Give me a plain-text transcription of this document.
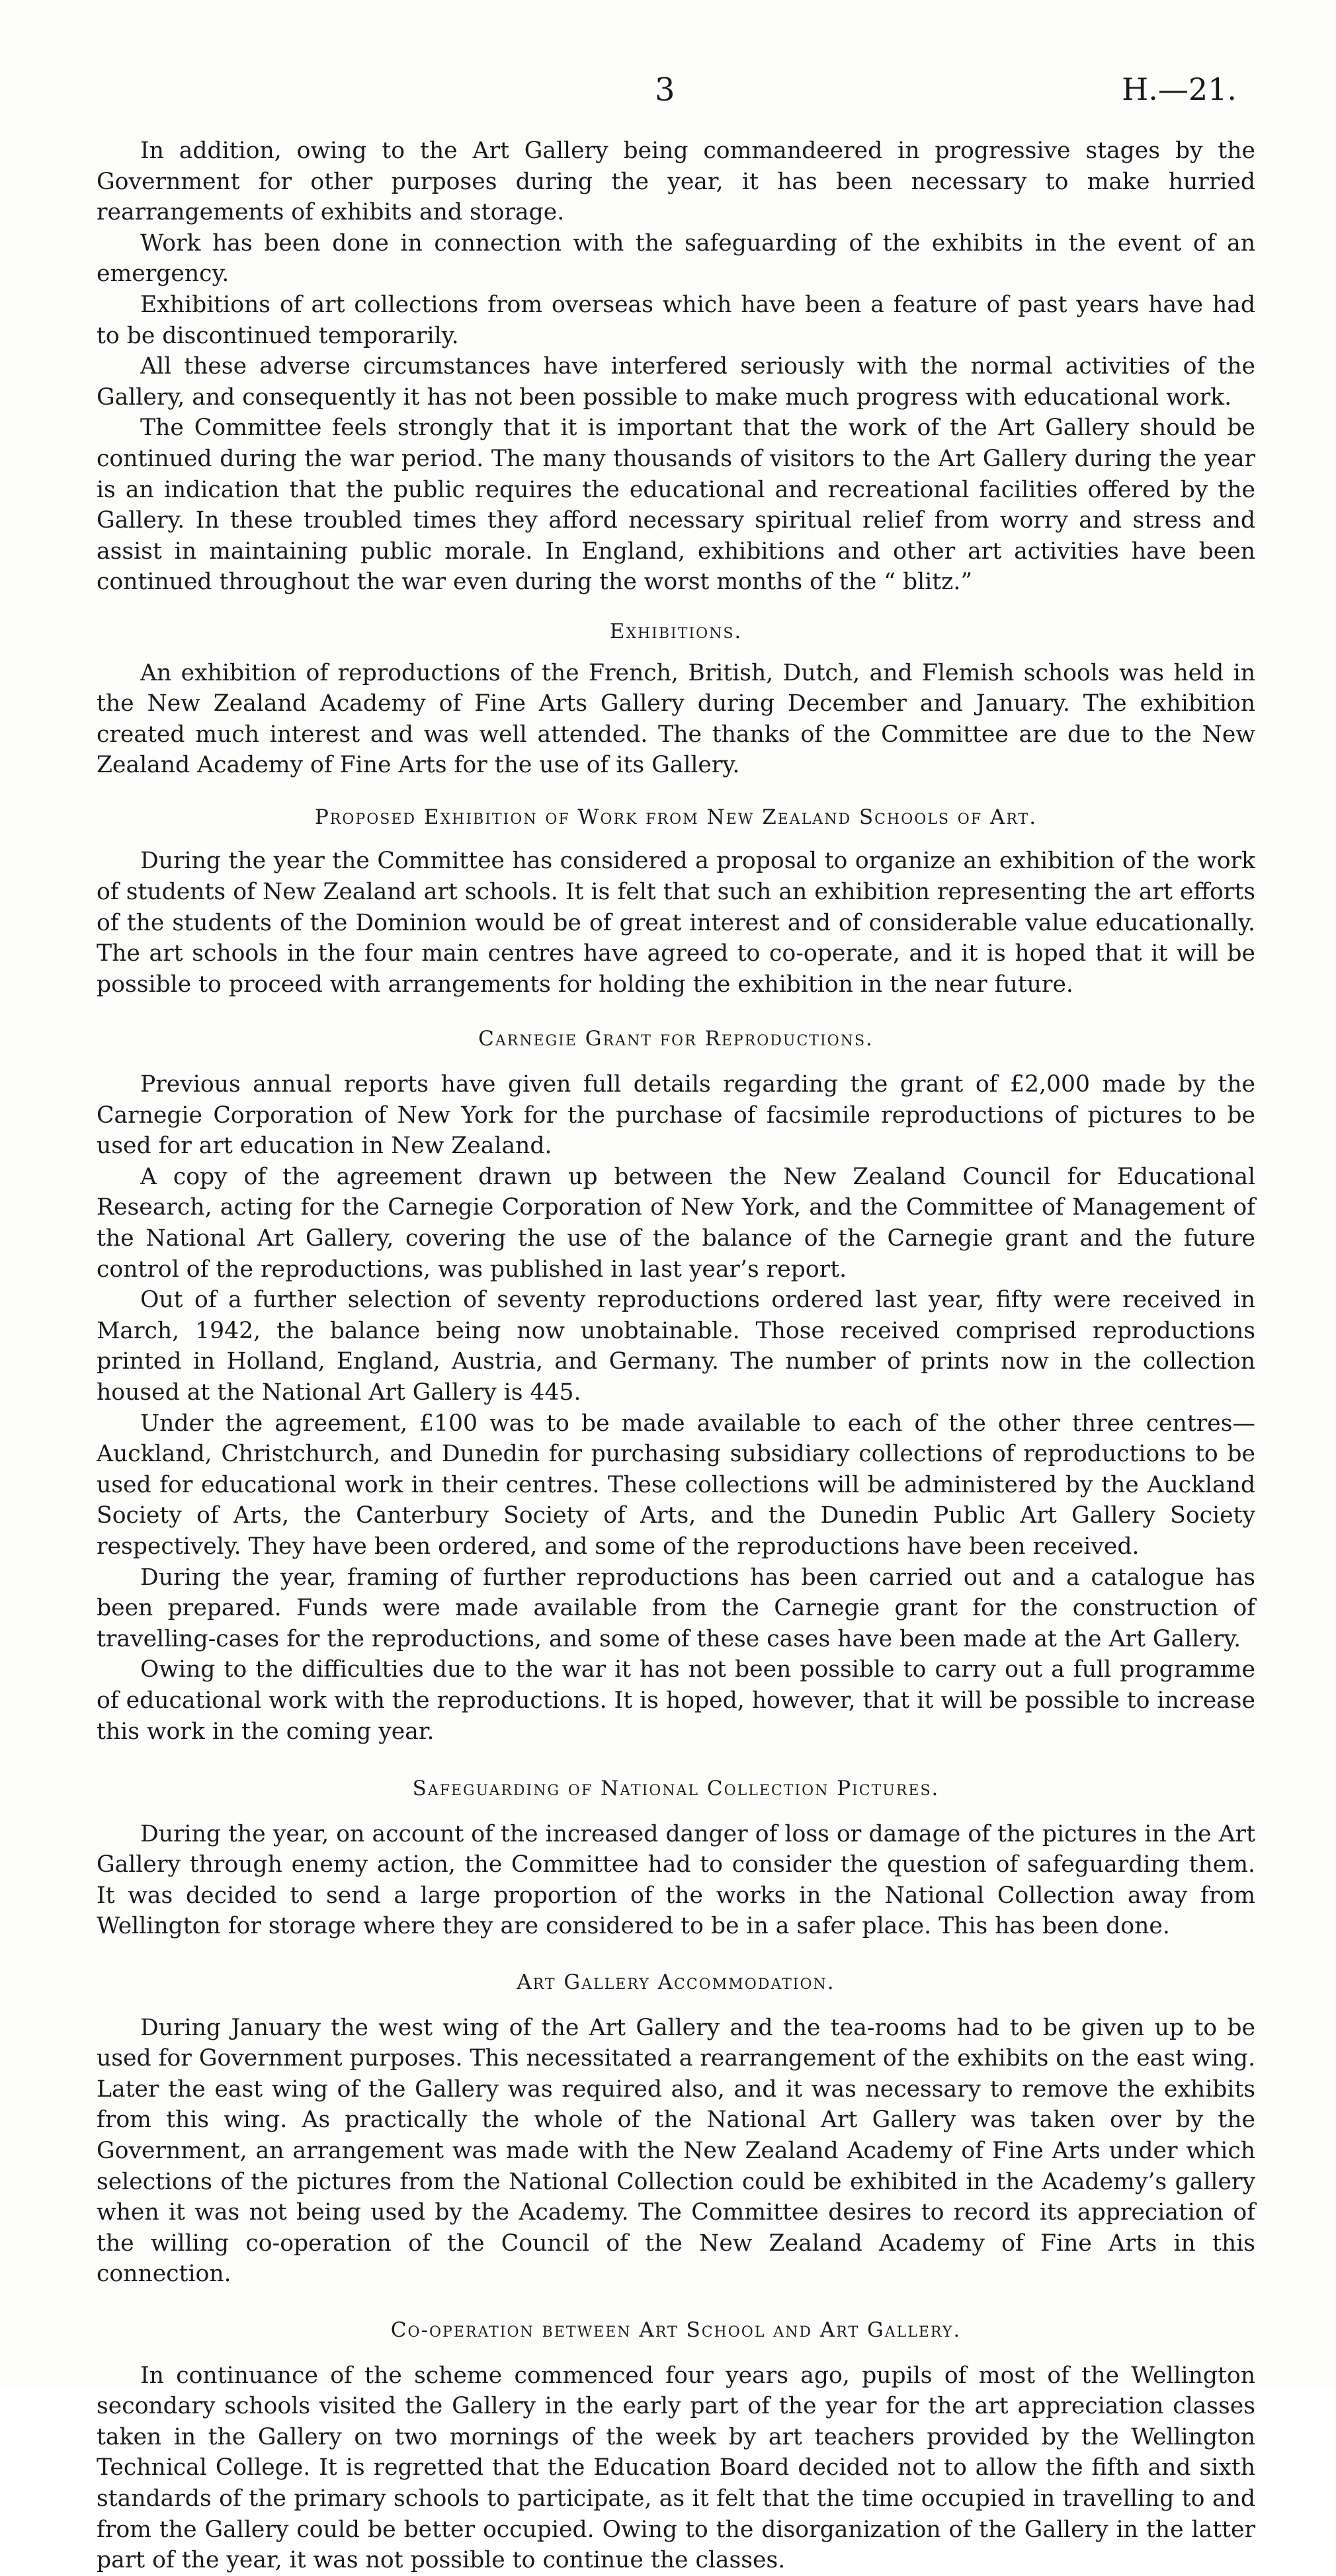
3	H.—21.

In addition, owing to the Art Gallery being commandeered in progressive stages by the Government for other purposes during the year, it has been necessary to make hurried rearrangements of exhibits and storage.

Work has been done in connection with the safeguarding of the exhibits in the event of an emergency.

Exhibitions of art collections from overseas which have been a feature of past years have had to be discontinued temporarily.

All these adverse circumstances have interfered seriously with the normal activities of the Gallery, and consequently it has not been possible to make much progress with educational work.

The Committee feels strongly that it is important that the work of the Art Gallery should be continued during the war period. The many thousands of visitors to the Art Gallery during the year is an indication that the public requires the educational and recreational facilities offered by the Gallery. In these troubled times they afford necessary spiritual relief from worry and stress and assist in maintaining public morale. In England, exhibitions and other art activities have been continued throughout the war even during the worst months of the “ blitz.”

Exhibitions.

An exhibition of reproductions of the French, British, Dutch, and Flemish schools was held in the New Zealand Academy of Fine Arts Gallery during December and January. The exhibition created much interest and was well attended. The thanks of the Committee are due to the New Zealand Academy of Fine Arts for the use of its Gallery.

Proposed Exhibition of Work from New Zealand Schools of Art.

During the year the Committee has considered a proposal to organize an exhibition of the work of students of New Zealand art schools. It is felt that such an exhibition representing the art efforts of the students of the Dominion would be of great interest and of considerable value educationally. The art schools in the four main centres have agreed to co-operate, and it is hoped that it will be possible to proceed with arrangements for holding the exhibition in the near future.

Carnegie Grant for Reproductions.

Previous annual reports have given full details regarding the grant of £2,000 made by the Carnegie Corporation of New York for the purchase of facsimile reproductions of pictures to be used for art education in New Zealand.

A copy of the agreement drawn up between the New Zealand Council for Educational Research, acting for the Carnegie Corporation of New York, and the Committee of Management of the National Art Gallery, covering the use of the balance of the Carnegie grant and the future control of the reproductions, was published in last year’s report.

Out of a further selection of seventy reproductions ordered last year, fifty were received in March, 1942, the balance being now unobtainable. Those received comprised reproductions printed in Holland, England, Austria, and Germany. The number of prints now in the collection housed at the National Art Gallery is 445.

Under the agreement, £100 was to be made available to each of the other three centres—Auckland, Christchurch, and Dunedin for purchasing subsidiary collections of reproductions to be used for educational work in their centres. These collections will be administered by the Auckland Society of Arts, the Canterbury Society of Arts, and the Dunedin Public Art Gallery Society respectively. They have been ordered, and some of the reproductions have been received.

During the year, framing of further reproductions has been carried out and a catalogue has been prepared. Funds were made available from the Carnegie grant for the construction of travelling-cases for the reproductions, and some of these cases have been made at the Art Gallery.

Owing to the difficulties due to the war it has not been possible to carry out a full programme of educational work with the reproductions. It is hoped, however, that it will be possible to increase this work in the coming year.

Safeguarding of National Collection Pictures.

During the year, on account of the increased danger of loss or damage of the pictures in the Art Gallery through enemy action, the Committee had to consider the question of safeguarding them. It was decided to send a large proportion of the works in the National Collection away from Wellington for storage where they are considered to be in a safer place. This has been done.

Art Gallery Accommodation.

During January the west wing of the Art Gallery and the tea-rooms had to be given up to be used for Government purposes. This necessitated a rearrangement of the exhibits on the east wing. Later the east wing of the Gallery was required also, and it was necessary to remove the exhibits from this wing. As practically the whole of the National Art Gallery was taken over by the Government, an arrangement was made with the New Zealand Academy of Fine Arts under which selections of the pictures from the National Collection could be exhibited in the Academy’s gallery when it was not being used by the Academy. The Committee desires to record its appreciation of the willing co-operation of the Council of the New Zealand Academy of Fine Arts in this connection.

Co-operation between Art School and Art Gallery.

In continuance of the scheme commenced four years ago, pupils of most of the Wellington secondary schools visited the Gallery in the early part of the year for the art appreciation classes taken in the Gallery on two mornings of the week by art teachers provided by the Wellington Technical College. It is regretted that the Education Board decided not to allow the fifth and sixth standards of the primary schools to participate, as it felt that the time occupied in travelling to and from the Gallery could be better occupied. Owing to the disorganization of the Gallery in the latter part of the year, it was not possible to continue the classes.
